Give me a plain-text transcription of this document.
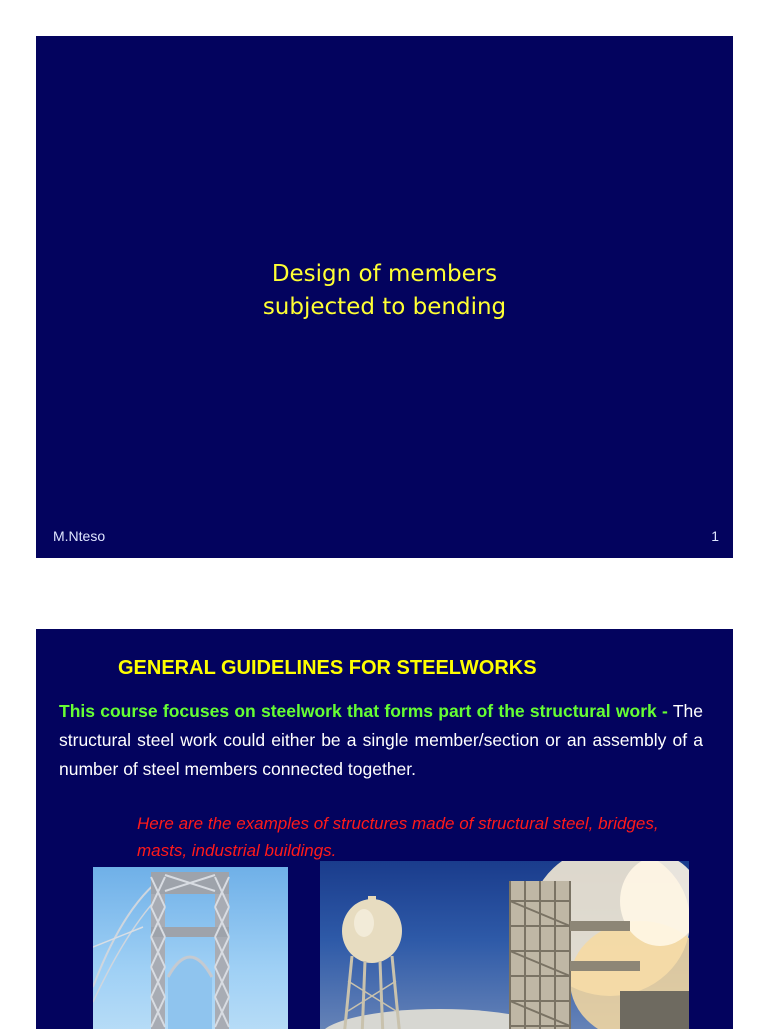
Design of members
subjected to bending
M.Nteso	1
GENERAL GUIDELINES FOR STEELWORKS
This course focuses on steelwork that forms part of the structural work - The structural steel work could either be a single member/section or an assembly of a number of steel members connected together.
Here are the examples of structures made of structural steel, bridges, masts, industrial buildings.
